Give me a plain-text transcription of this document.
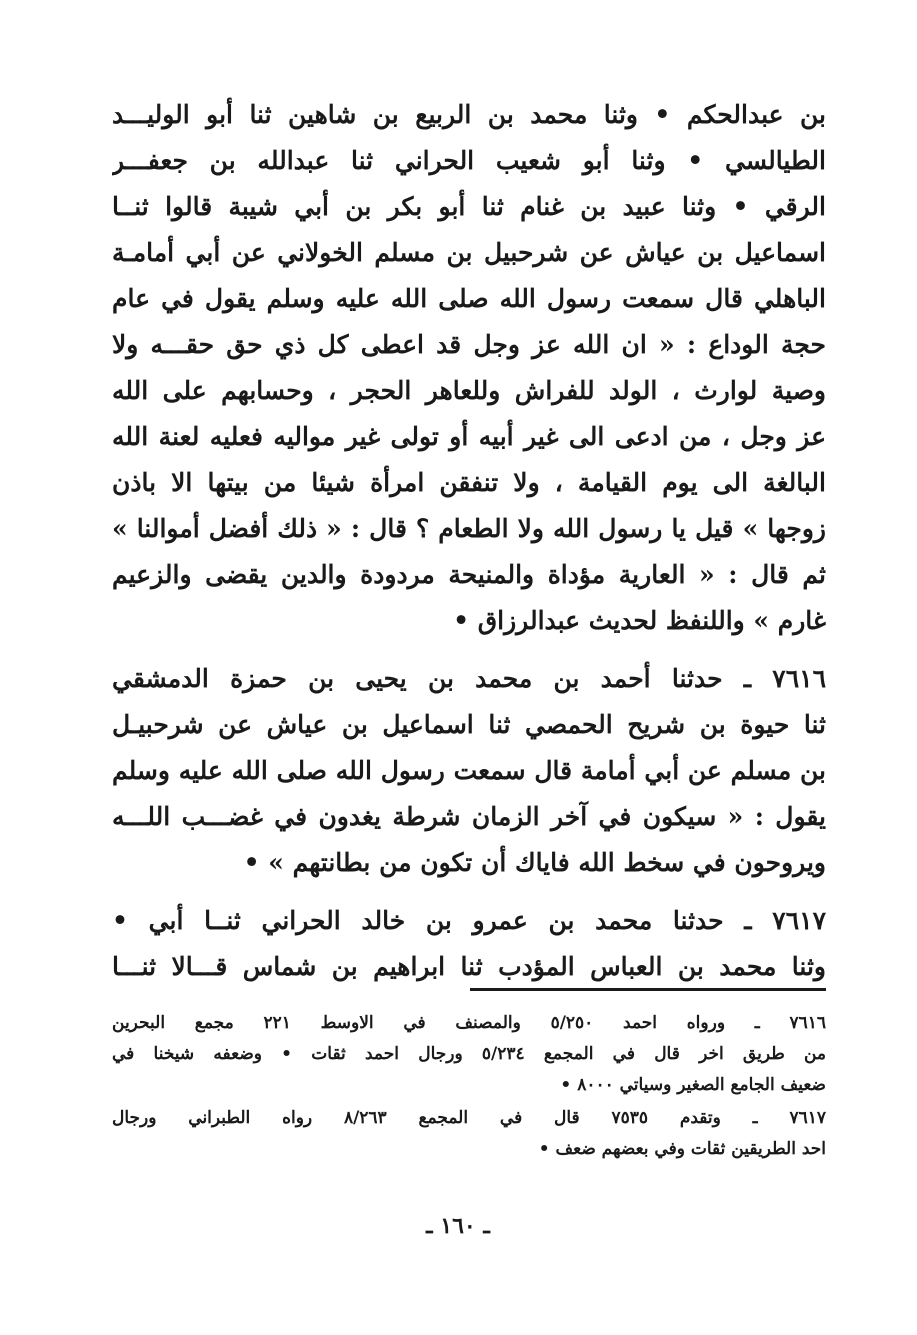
بن عبدالحكم • وثنا محمد بن الربيع بن شاهين ثنا أبو الوليـــد
الطيالسي • وثنا أبو شعيب الحراني ثنا عبدالله بن جعفـــر
الرقي • وثنا عبيد بن غنام ثنا أبو بكر بن أبي شيبة قالوا ثنــا
اسماعيل بن عياش عن شرحبيل بن مسلم الخولاني عن أبي أمامـة
الباهلي قال سمعت رسول الله صلى الله عليه وسلم يقول في عام
حجة الوداع : « ان الله عز وجل قد اعطى كل ذي حق حقـــه ولا
وصية لوارث ، الولد للفراش وللعاهر الحجر ، وحسابهم على الله
عز وجل ، من ادعى الى غير أبيه أو تولى غير مواليه فعليه لعنة الله
البالغة الى يوم القيامة ، ولا تنفقن امرأة شيئا من بيتها الا باذن
زوجها » قيل يا رسول الله ولا الطعام ؟ قال : « ذلك أفضل أموالنا »
ثم قال : « العارية مؤداة والمنيحة مردودة والدين يقضى والزعيم
غارم » واللنفظ لحديث عبدالرزاق •
٧٦١٦ ـ حدثنا أحمد بن محمد بن يحيى بن حمزة الدمشقي
ثنا حيوة بن شريح الحمصي ثنا اسماعيل بن عياش عن شرحبيـل
بن مسلم عن أبي أمامة قال سمعت رسول الله صلى الله عليه وسلم
يقول : « سيكون في آخر الزمان شرطة يغدون في غضـــب اللـــه
ويروحون في سخط الله فاياك أن تكون من بطانتهم » •
٧٦١٧ ـ حدثنا محمد بن عمرو بن خالد الحراني ثنــا أبي •
وثنا محمد بن العباس المؤدب ثنا ابراهيم بن شماس قـــالا ثنـــا
٧٦١٦ ـ ورواه احمد ٥/٢٥٠ والمصنف في الاوسط ٢٢١ مجمع البحرين
من طريق اخر قال في المجمع ٥/٢٣٤ ورجال احمد ثقات • وضعفه شيخنا في
ضعيف الجامع الصغير وسياتي ٨٠٠٠ •
٧٦١٧ ـ وتقدم ٧٥٣٥ قال في المجمع ٨/٢٦٣ رواه الطبراني ورجال
احد الطريقين ثقات وفي بعضهم ضعف •
ـ ١٦٠ ـ
